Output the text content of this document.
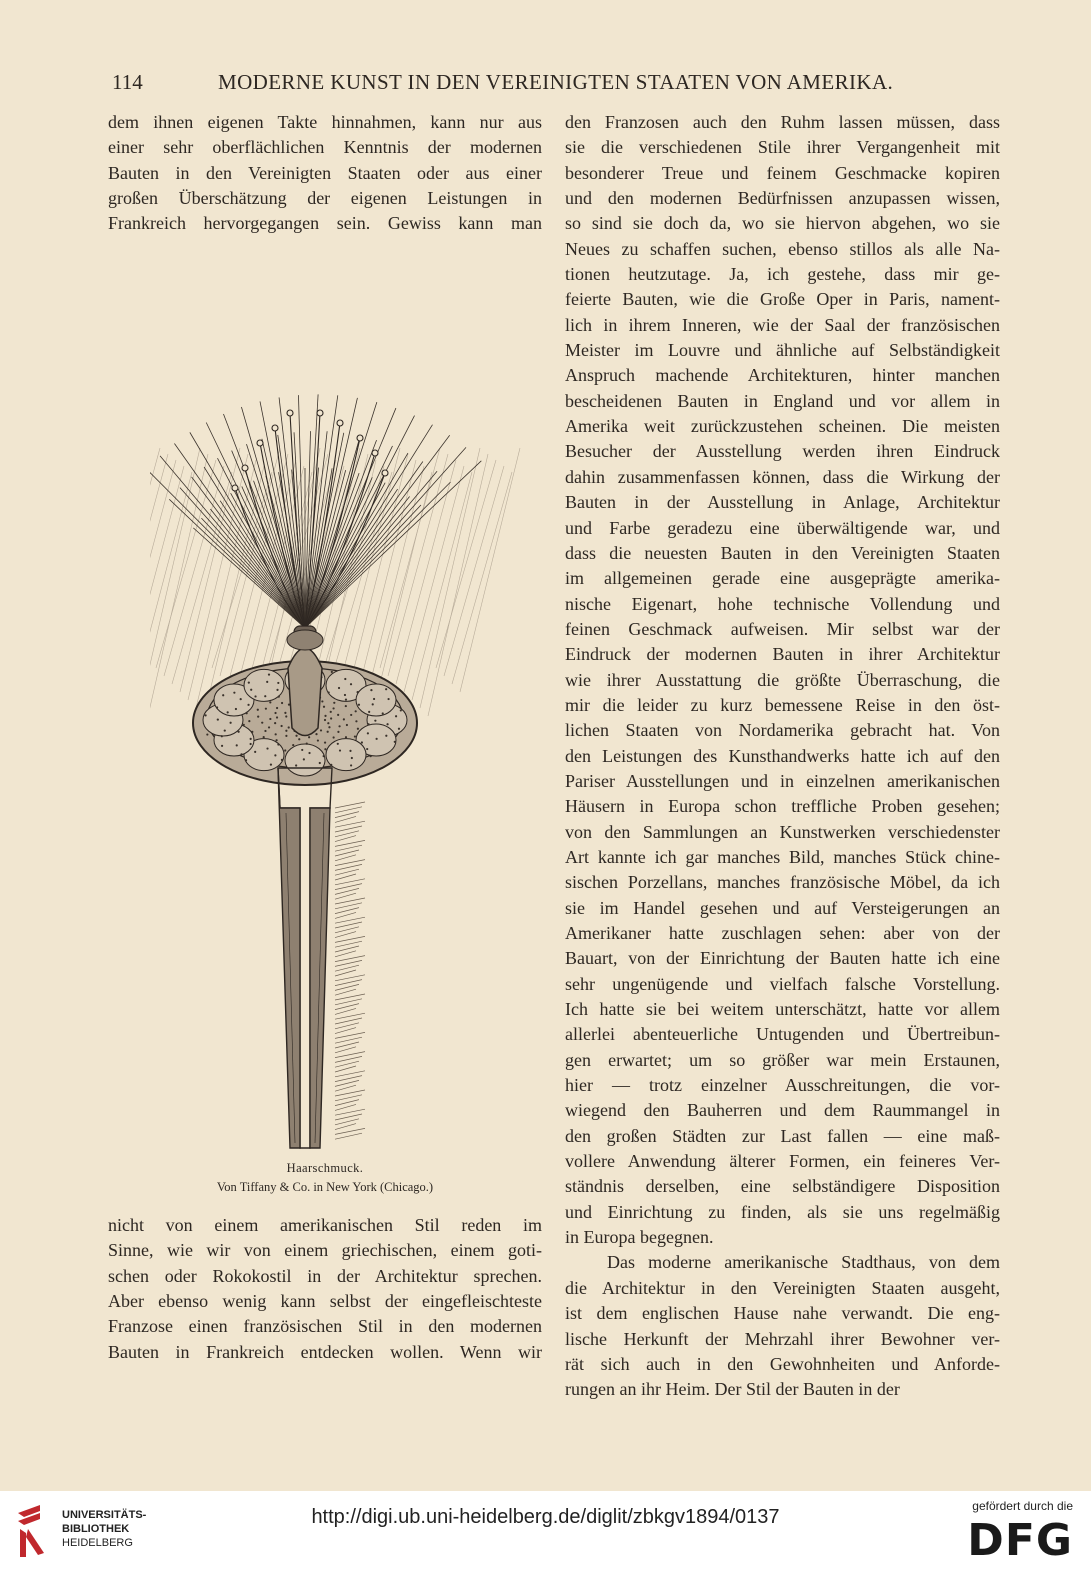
114	MODERNE KUNST IN DEN VEREINIGTEN STAATEN VON AMERIKA.
dem ihnen eigenen Takte hinnahmen, kann nur aus
einer sehr oberflächlichen Kenntnis der modernen
Bauten in den Vereinigten Staaten oder aus einer
großen Überschätzung der eigenen Leistungen in
Frankreich hervorgegangen sein. Gewiss kann man
Haarschmuck.
Von Tiffany & Co. in New York (Chicago.)
nicht von einem amerikanischen Stil reden im
Sinne, wie wir von einem griechischen, einem goti-
schen oder Rokokostil in der Architektur sprechen.
Aber ebenso wenig kann selbst der eingefleischteste
Franzose einen französischen Stil in den modernen
Bauten in Frankreich entdecken wollen. Wenn wir
den Franzosen auch den Ruhm lassen müssen, dass
sie die verschiedenen Stile ihrer Vergangenheit mit
besonderer Treue und feinem Geschmacke kopiren
und den modernen Bedürfnissen anzupassen wissen,
so sind sie doch da, wo sie hiervon abgehen, wo sie
Neues zu schaffen suchen, ebenso stillos als alle Na-
tionen heutzutage. Ja, ich gestehe, dass mir ge-
feierte Bauten, wie die Große Oper in Paris, nament-
lich in ihrem Inneren, wie der Saal der französischen
Meister im Louvre und ähnliche auf Selbständigkeit
Anspruch machende Architekturen, hinter manchen
bescheidenen Bauten in England und vor allem in
Amerika weit zurückzustehen scheinen. Die meisten
Besucher der Ausstellung werden ihren Eindruck
dahin zusammenfassen können, dass die Wirkung der
Bauten in der Ausstellung in Anlage, Architektur
und Farbe geradezu eine überwältigende war, und
dass die neuesten Bauten in den Vereinigten Staaten
im allgemeinen gerade eine ausgeprägte amerika-
nische Eigenart, hohe technische Vollendung und
feinen Geschmack aufweisen. Mir selbst war der
Eindruck der modernen Bauten in ihrer Architektur
wie ihrer Ausstattung die größte Überraschung, die
mir die leider zu kurz bemessene Reise in den öst-
lichen Staaten von Nordamerika gebracht hat. Von
den Leistungen des Kunsthandwerks hatte ich auf den
Pariser Ausstellungen und in einzelnen amerikanischen
Häusern in Europa schon treffliche Proben gesehen;
von den Sammlungen an Kunstwerken verschiedenster
Art kannte ich gar manches Bild, manches Stück chine-
sischen Porzellans, manches französische Möbel, da ich
sie im Handel gesehen und auf Versteigerungen an
Amerikaner hatte zuschlagen sehen: aber von der
Bauart, von der Einrichtung der Bauten hatte ich eine
sehr ungenügende und vielfach falsche Vorstellung.
Ich hatte sie bei weitem unterschätzt, hatte vor allem
allerlei abenteuerliche Untugenden und Übertreibun-
gen erwartet; um so größer war mein Erstaunen,
hier — trotz einzelner Ausschreitungen, die vor-
wiegend den Bauherren und dem Raummangel in
den großen Städten zur Last fallen — eine maß-
vollere Anwendung älterer Formen, ein feineres Ver-
ständnis derselben, eine selbständigere Disposition
und Einrichtung zu finden, als sie uns regelmäßig
in Europa begegnen.
Das moderne amerikanische Stadthaus, von dem
die Architektur in den Vereinigten Staaten ausgeht,
ist dem englischen Hause nahe verwandt. Die eng-
lische Herkunft der Mehrzahl ihrer Bewohner ver-
rät sich auch in den Gewohnheiten und Anforde-
rungen an ihr Heim. Der Stil der Bauten in der
UNIVERSITÄTS-
BIBLIOTHEK
HEIDELBERG
http://digi.ub.uni-heidelberg.de/diglit/zbkgv1894/0137	gefördert durch die
DFG
